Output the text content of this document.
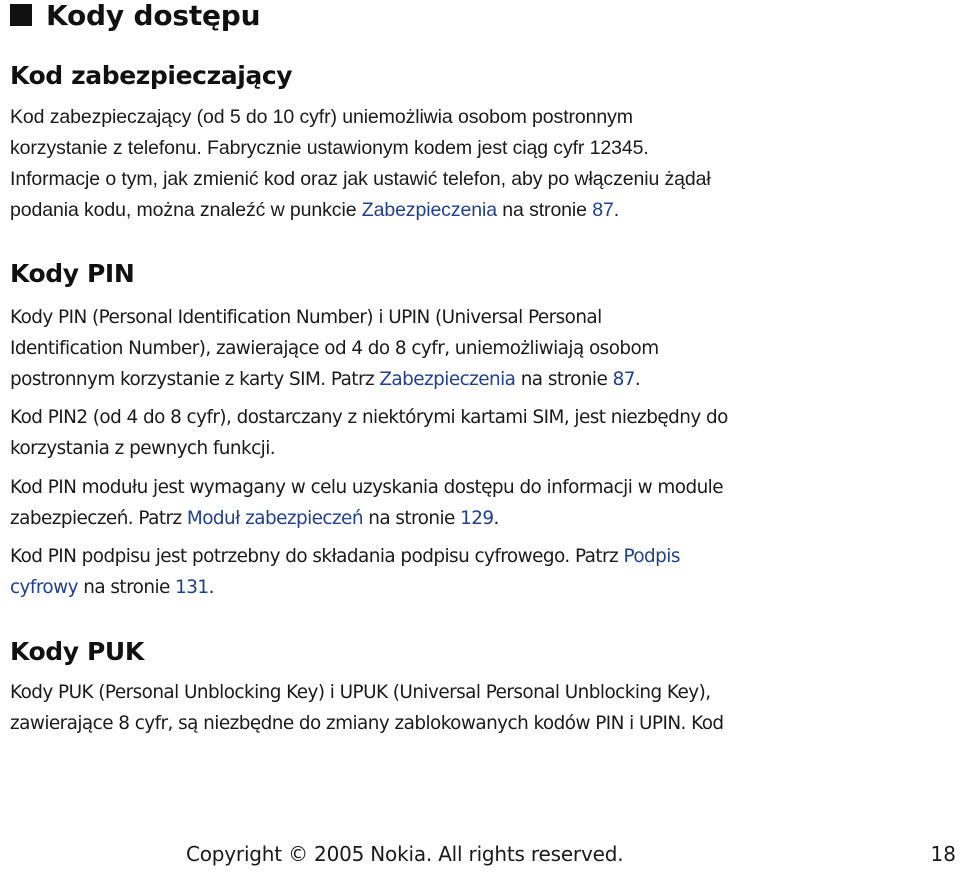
Kody dostępu
Kod zabezpieczający

Kod zabezpieczający (od 5 do 10 cyfr) uniemożliwia osobom postronnym
korzystanie z telefonu. Fabrycznie ustawionym kodem jest ciąg cyfr 12345.
Informacje o tym, jak zmienić kod oraz jak ustawić telefon, aby po włączeniu żądał
podania kodu, można znaleźć w punkcie Zabezpieczenia na stronie 87.

Kody PIN

Kody PIN (Personal Identification Number) i UPIN (Universal Personal
Identification Number), zawierające od 4 do 8 cyfr, uniemożliwiają osobom
postronnym korzystanie z karty SIM. Patrz Zabezpieczenia na stronie 87.

Kod PIN2 (od 4 do 8 cyfr), dostarczany z niektórymi kartami SIM, jest niezbędny do
korzystania z pewnych funkcji.

Kod PIN modułu jest wymagany w celu uzyskania dostępu do informacji w module
zabezpieczeń. Patrz Moduł zabezpieczeń na stronie 129.

Kod PIN podpisu jest potrzebny do składania podpisu cyfrowego. Patrz Podpis
cyfrowy na stronie 131.

Kody PUK

Kody PUK (Personal Unblocking Key) i UPUK (Universal Personal Unblocking Key),
zawierające 8 cyfr, są niezbędne do zmiany zablokowanych kodów PIN i UPIN. Kod

Copyright © 2005 Nokia. All rights reserved.	18
